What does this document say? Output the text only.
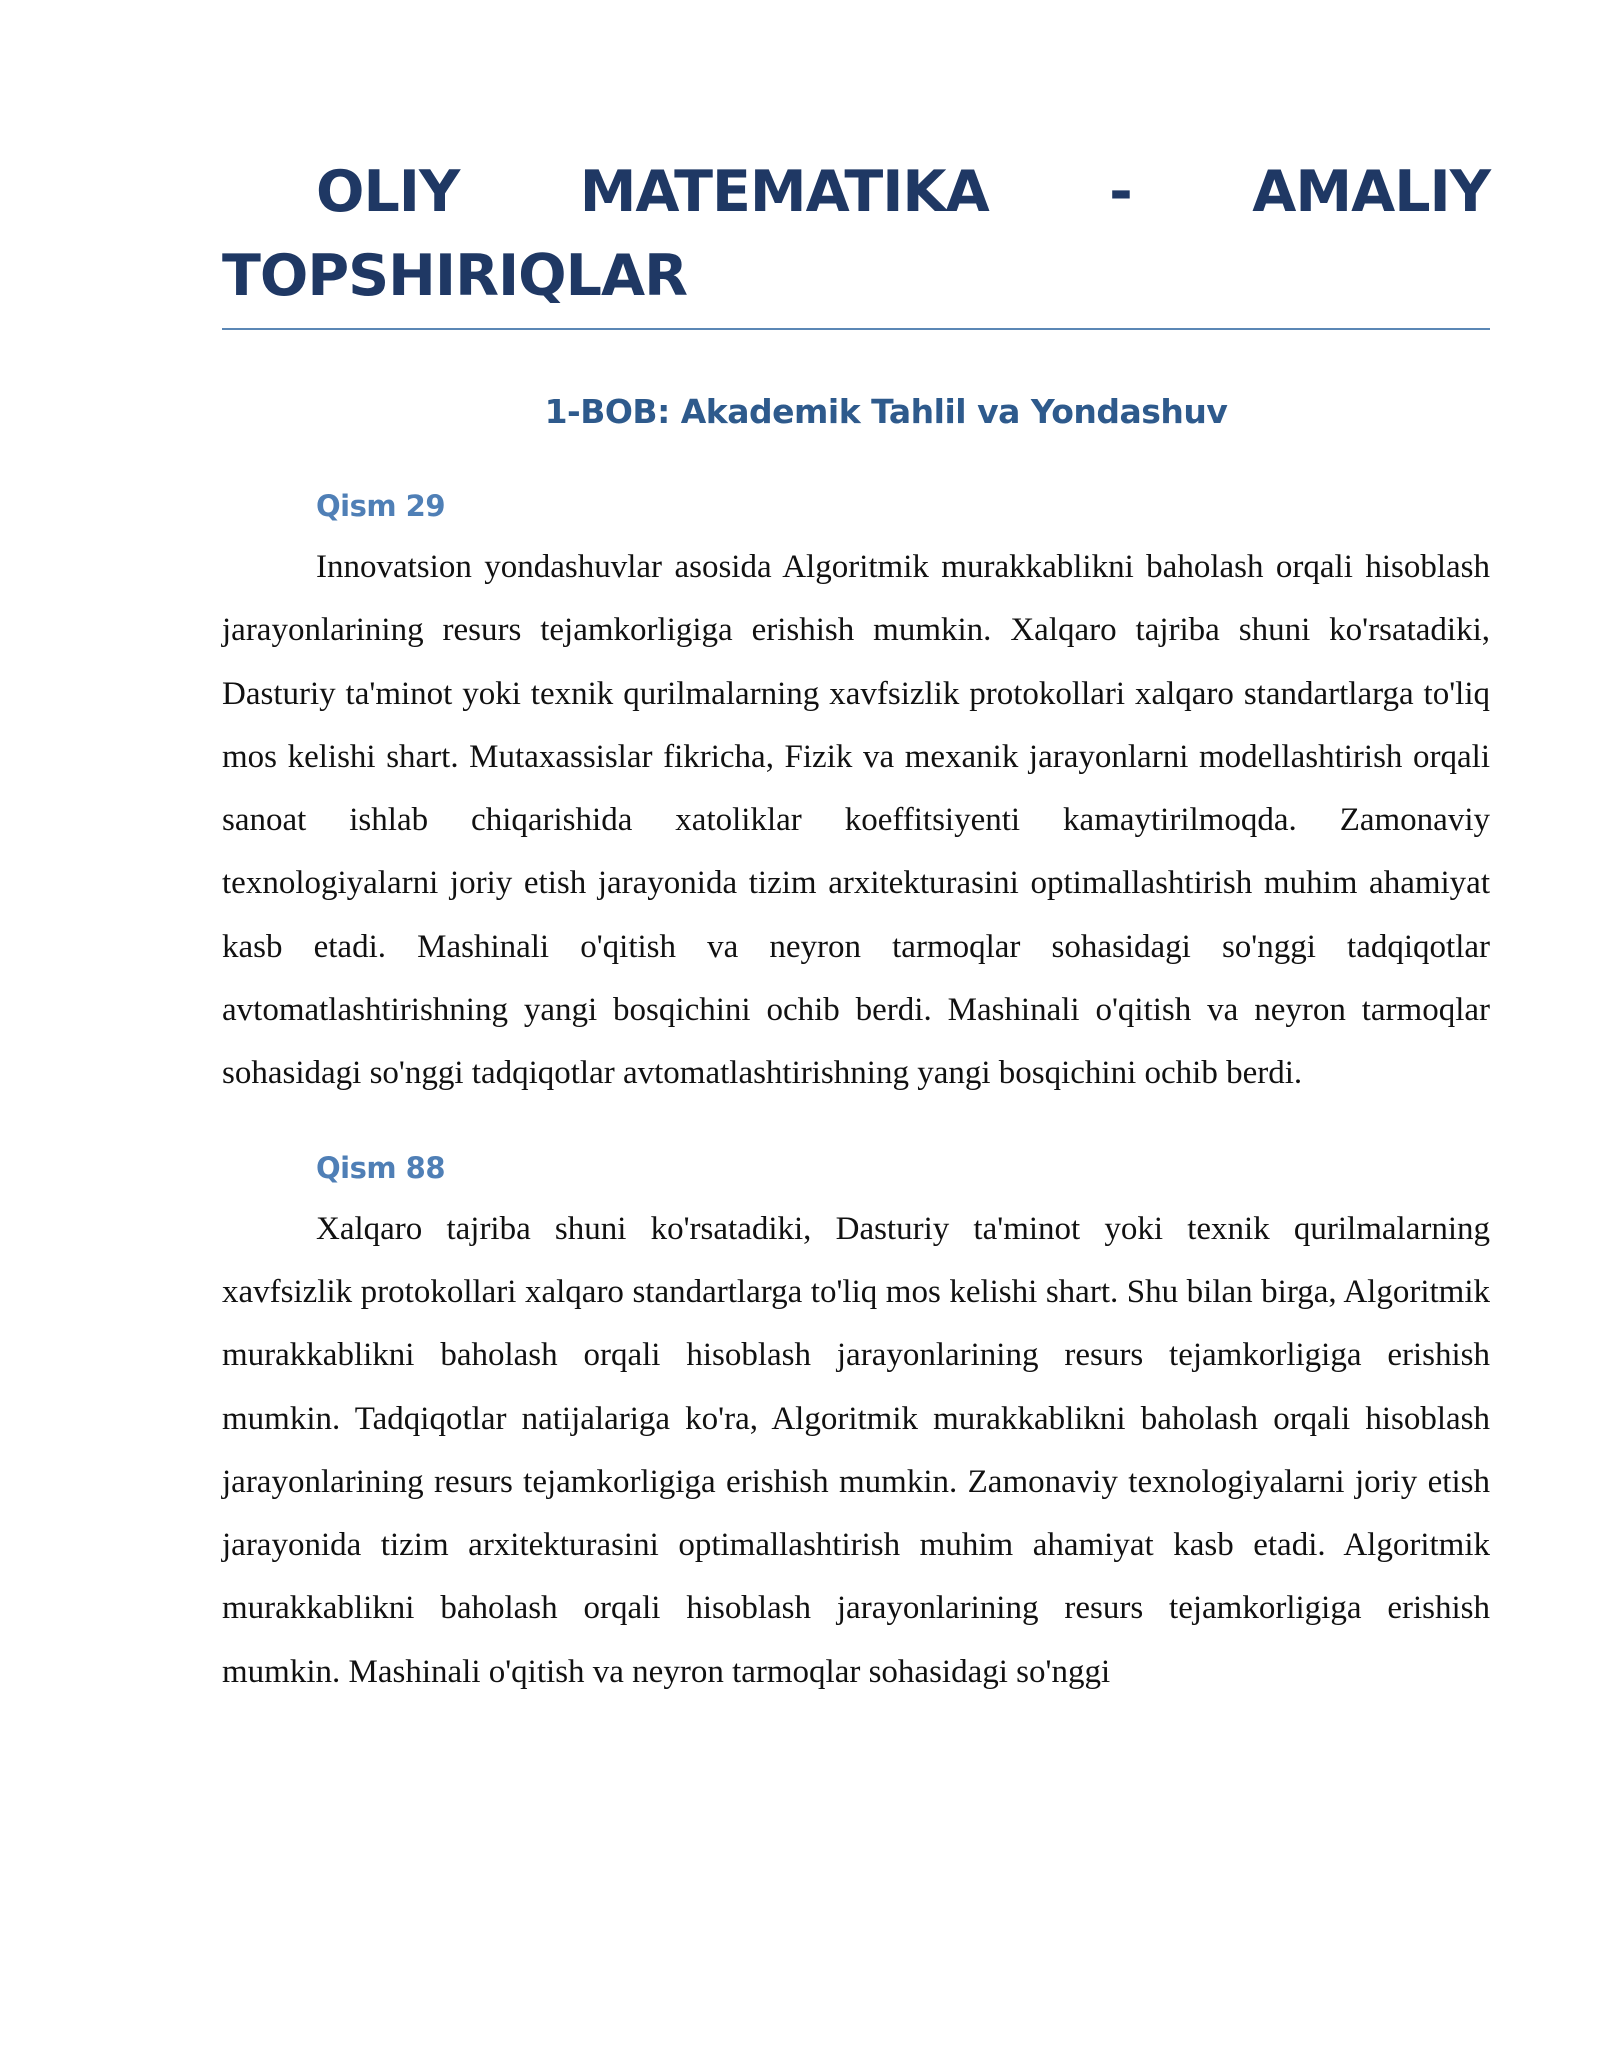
OLIY MATEMATIKA - AMALIY TOPSHIRIQLAR
1-BOB: Akademik Tahlil va Yondashuv
Qism 29

Innovatsion yondashuvlar asosida Algoritmik murakkablikni baholash orqali hisoblash jarayonlarining resurs tejamkorligiga erishish mumkin. Xalqaro tajriba shuni ko'rsatadiki, Dasturiy ta'minot yoki texnik qurilmalarning xavfsizlik protokollari xalqaro standartlarga to'liq mos kelishi shart. Mutaxassislar fikricha, Fizik va mexanik jarayonlarni modellashtirish orqali sanoat ishlab chiqarishida xatoliklar koeffitsiyenti kamaytirilmoqda. Zamonaviy texnologiyalarni joriy etish jarayonida tizim arxitekturasini optimallashtirish muhim ahamiyat kasb etadi. Mashinali o'qitish va neyron tarmoqlar sohasidagi so'nggi tadqiqotlar avtomatlashtirishning yangi bosqichini ochib berdi. Mashinali o'qitish va neyron tarmoqlar sohasidagi so'nggi tadqiqotlar avtomatlashtirishning yangi bosqichini ochib berdi.

Qism 88

Xalqaro tajriba shuni ko'rsatadiki, Dasturiy ta'minot yoki texnik qurilmalarning xavfsizlik protokollari xalqaro standartlarga to'liq mos kelishi shart. Shu bilan birga, Algoritmik murakkablikni baholash orqali hisoblash jarayonlarining resurs tejamkorligiga erishish mumkin. Tadqiqotlar natijalariga ko'ra, Algoritmik murakkablikni baholash orqali hisoblash jarayonlarining resurs tejamkorligiga erishish mumkin. Zamonaviy texnologiyalarni joriy etish jarayonida tizim arxitekturasini optimallashtirish muhim ahamiyat kasb etadi. Algoritmik murakkablikni baholash orqali hisoblash jarayonlarining resurs tejamkorligiga erishish mumkin. Mashinali o'qitish va neyron tarmoqlar sohasidagi so'nggi
